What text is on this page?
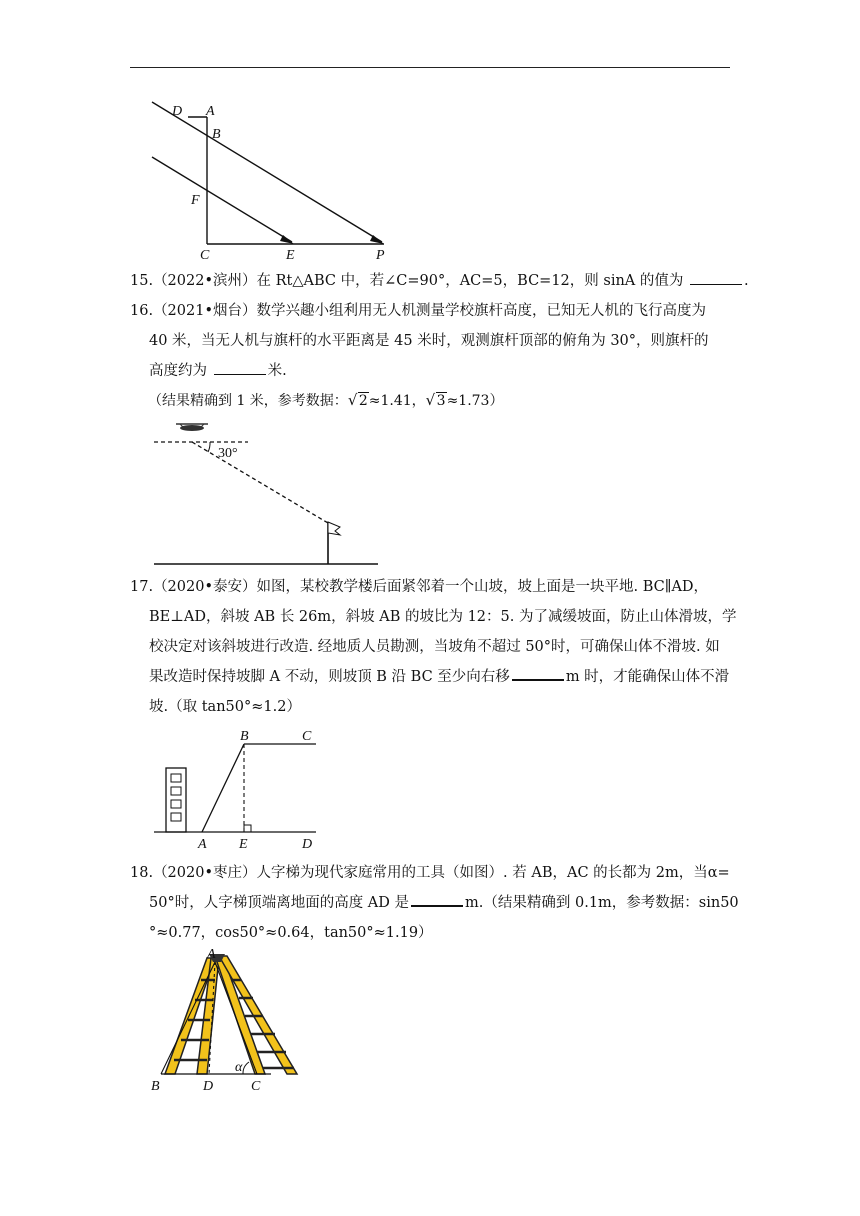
D A
B
F
C	E	P
15.（2022•滨州）在 Rt△ABC 中，若∠C=90°，AC=5，BC=12，则 sinA 的值为	.
16.（2021•烟台）数学兴趣小组利用无人机测量学校旗杆高度，已知无人机的飞行高度为
40 米，当无人机与旗杆的水平距离是 45 米时，观测旗杆顶部的俯角为 30°，则旗杆的
高度约为	米.
（结果精确到 1 米，参考数据： √ 2≈1.41， √ 3≈1.73）
30°
17.（2020•泰安）如图，某校教学楼后面紧邻着一个山坡，坡上面是一块平地. BC∥AD，
BE⊥AD，斜坡 AB 长 26m，斜坡 AB 的坡比为 12：5. 为了减缓坡面，防止山体滑坡，学
校决定对该斜坡进行改造. 经地质人员勘测，当坡角不超过 50°时，可确保山体不滑坡. 如
果改造时保持坡脚 A 不动，则坡顶 B 沿 BC 至少向右移	m 时，才能确保山体不滑
坡.（取 tan50°≈1.2）
B	C
A E	D
18.（2020•枣庄）人字梯为现代家庭常用的工具（如图）. 若 AB，AC 的长都为 2m，当α=
50°时，人字梯顶端离地面的高度 AD 是	m.（结果精确到 0.1m，参考数据：sin50
°≈0.77，cos50°≈0.64，tan50°≈1.19）
A
B	D	C
α
